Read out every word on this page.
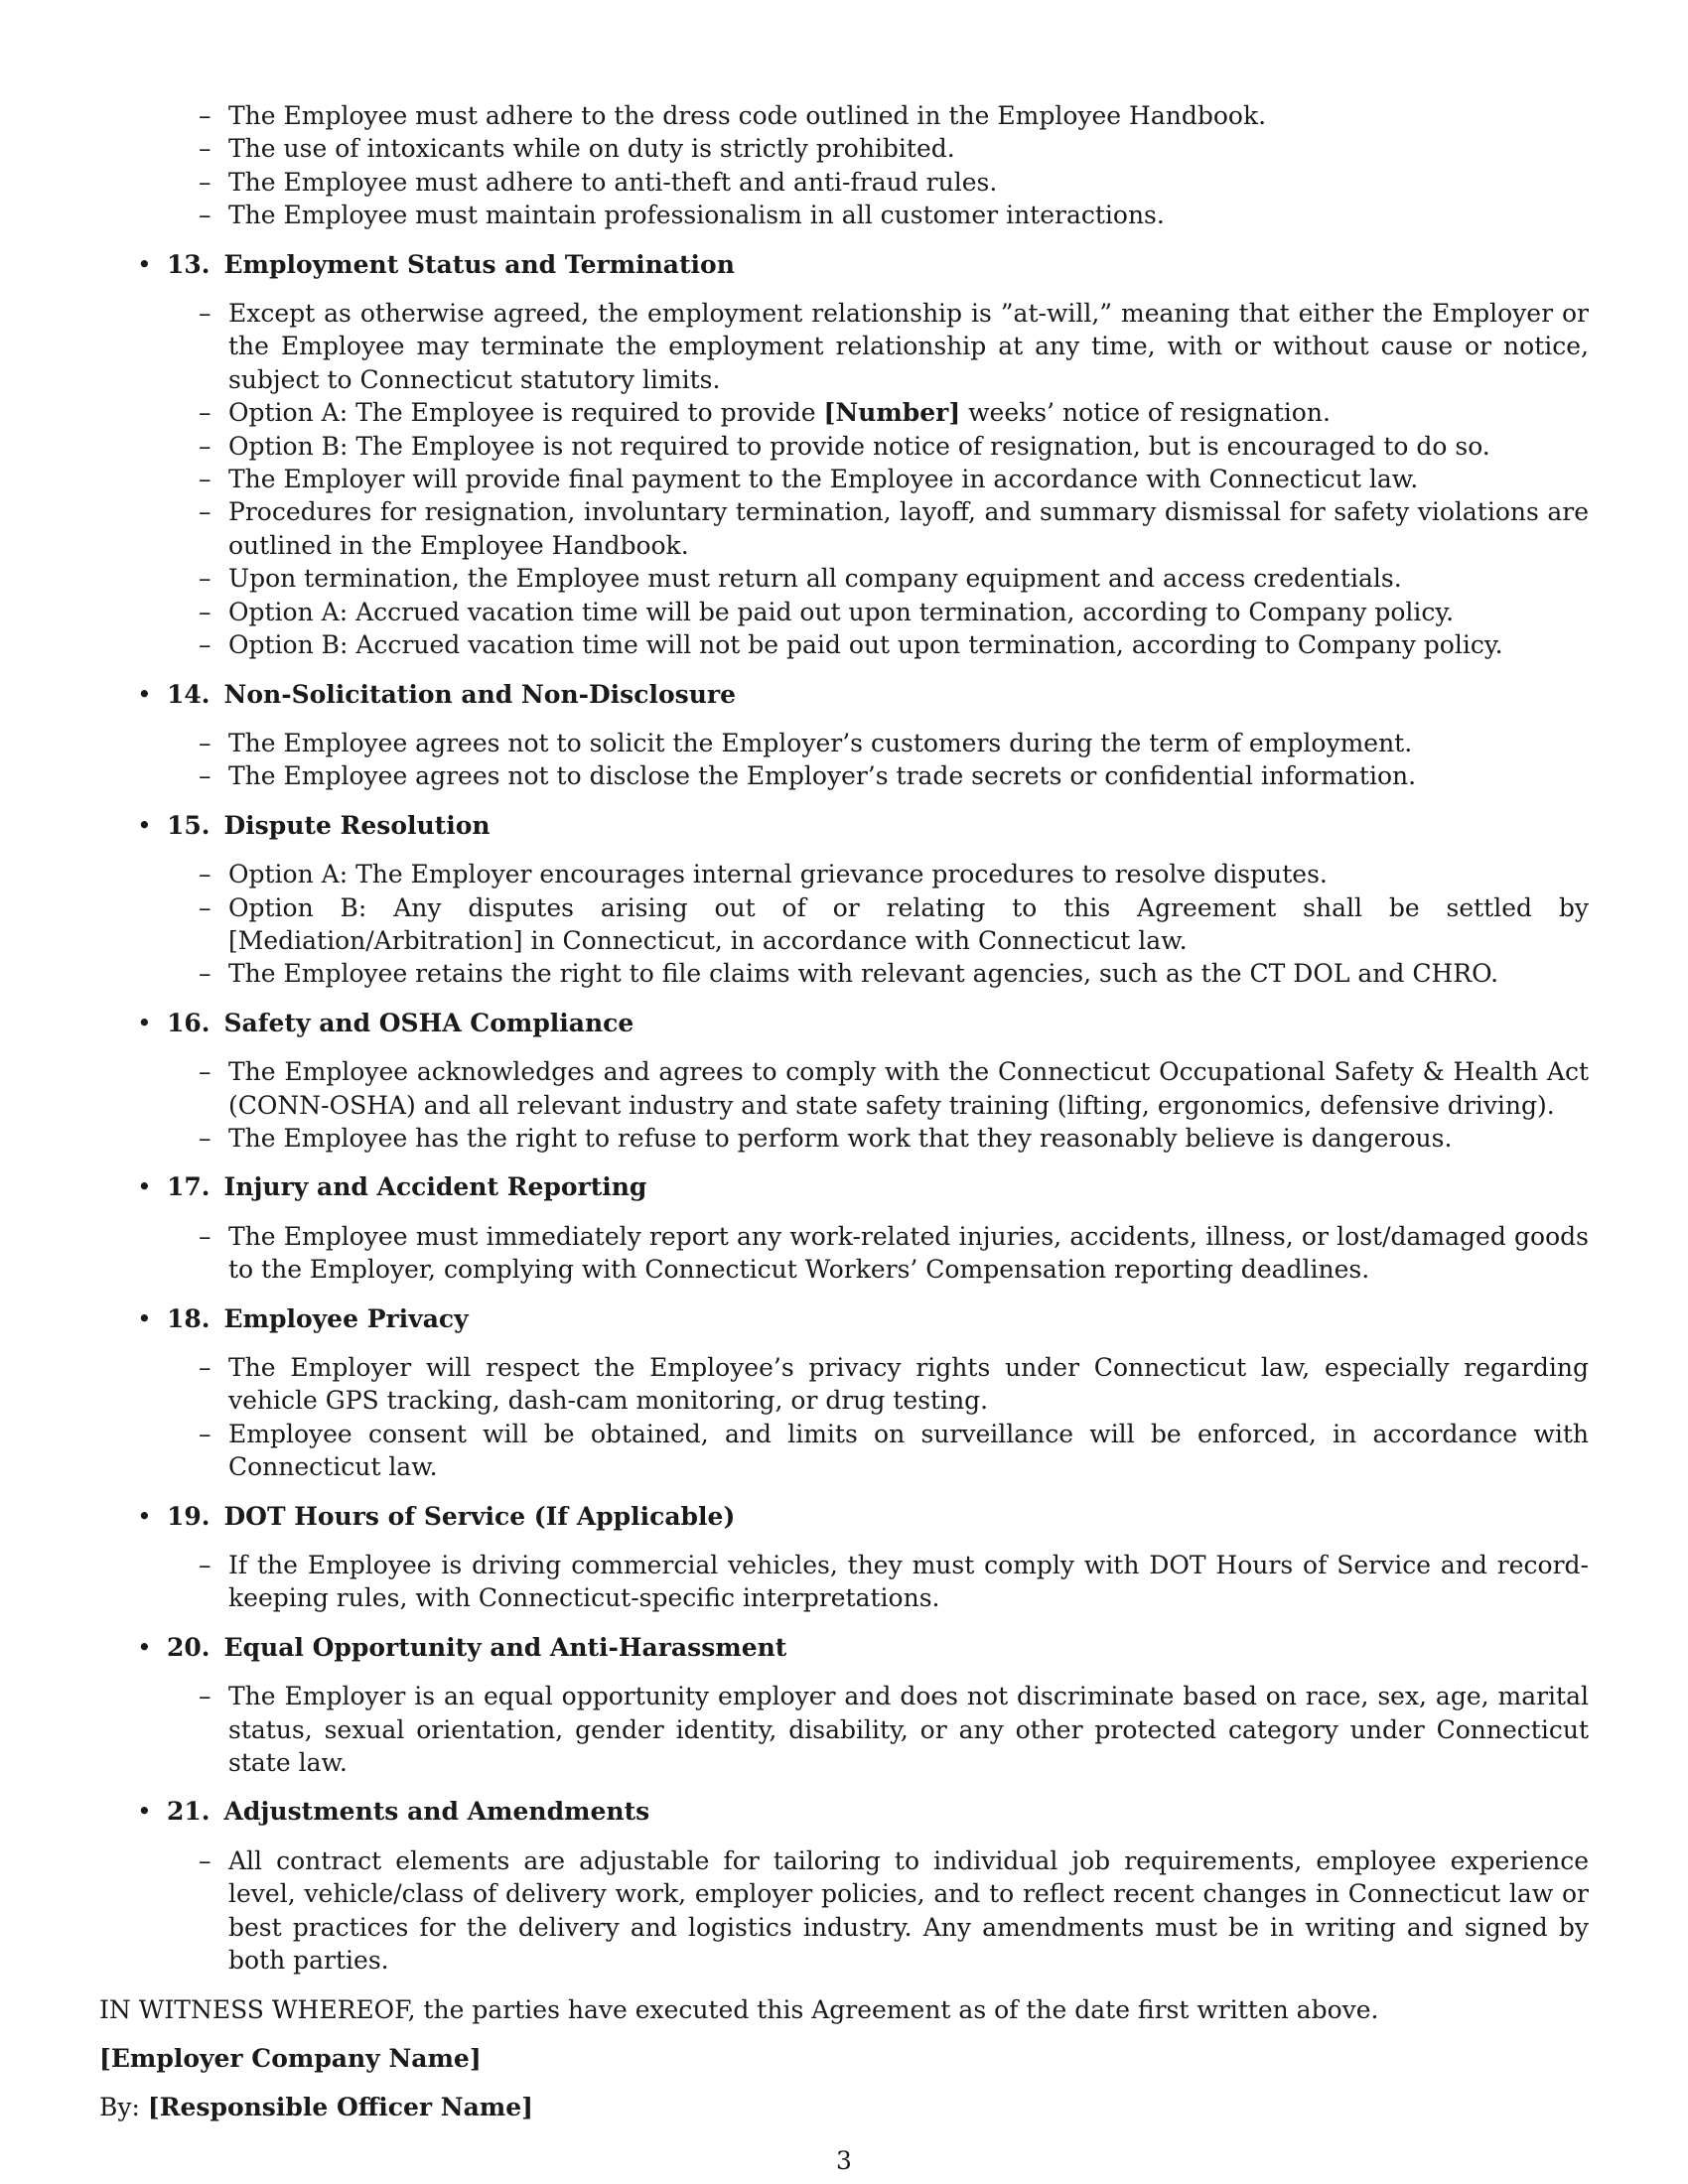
– The Employee must adhere to the dress code outlined in the Employee Handbook.
– The use of intoxicants while on duty is strictly prohibited.
– The Employee must adhere to anti-theft and anti-fraud rules.
– The Employee must maintain professionalism in all customer interactions.
• 13. Employment Status and Termination
– Except as otherwise agreed, the employment relationship is ”at-will,” meaning that either the Employer or the Employee may terminate the employment relationship at any time, with or without cause or notice, subject to Connecticut statutory limits.
– Option A: The Employee is required to provide [Number] weeks’ notice of resignation.
– Option B: The Employee is not required to provide notice of resignation, but is encouraged to do so.
– The Employer will provide final payment to the Employee in accordance with Connecticut law.
– Procedures for resignation, involuntary termination, layoff, and summary dismissal for safety violations are outlined in the Employee Handbook.
– Upon termination, the Employee must return all company equipment and access credentials.
– Option A: Accrued vacation time will be paid out upon termination, according to Company policy.
– Option B: Accrued vacation time will not be paid out upon termination, according to Company policy.
• 14. Non-Solicitation and Non-Disclosure
– The Employee agrees not to solicit the Employer’s customers during the term of employment.
– The Employee agrees not to disclose the Employer’s trade secrets or confidential information.
• 15. Dispute Resolution
– Option A: The Employer encourages internal grievance procedures to resolve disputes.
– Option B: Any disputes arising out of or relating to this Agreement shall be settled by [Mediation/Arbitration] in Connecticut, in accordance with Connecticut law.
– The Employee retains the right to file claims with relevant agencies, such as the CT DOL and CHRO.
• 16. Safety and OSHA Compliance
– The Employee acknowledges and agrees to comply with the Connecticut Occupational Safety & Health Act (CONN-OSHA) and all relevant industry and state safety training (lifting, ergonomics, defensive driving).
– The Employee has the right to refuse to perform work that they reasonably believe is dangerous.
• 17. Injury and Accident Reporting
– The Employee must immediately report any work-related injuries, accidents, illness, or lost/damaged goods to the Employer, complying with Connecticut Workers’ Compensation reporting deadlines.
• 18. Employee Privacy
– The Employer will respect the Employee’s privacy rights under Connecticut law, especially regarding vehicle GPS tracking, dash-cam monitoring, or drug testing.
– Employee consent will be obtained, and limits on surveillance will be enforced, in accordance with Connecticut law.
• 19. DOT Hours of Service (If Applicable)
– If the Employee is driving commercial vehicles, they must comply with DOT Hours of Service and record-keeping rules, with Connecticut-specific interpretations.
• 20. Equal Opportunity and Anti-Harassment
– The Employer is an equal opportunity employer and does not discriminate based on race, sex, age, marital status, sexual orientation, gender identity, disability, or any other protected category under Connecticut state law.
• 21. Adjustments and Amendments
– All contract elements are adjustable for tailoring to individual job requirements, employee experience level, vehicle/class of delivery work, employer policies, and to reflect recent changes in Connecticut law or best practices for the delivery and logistics industry. Any amendments must be in writing and signed by both parties.
IN WITNESS WHEREOF, the parties have executed this Agreement as of the date first written above.
[Employer Company Name]
By: [Responsible Officer Name]
3
